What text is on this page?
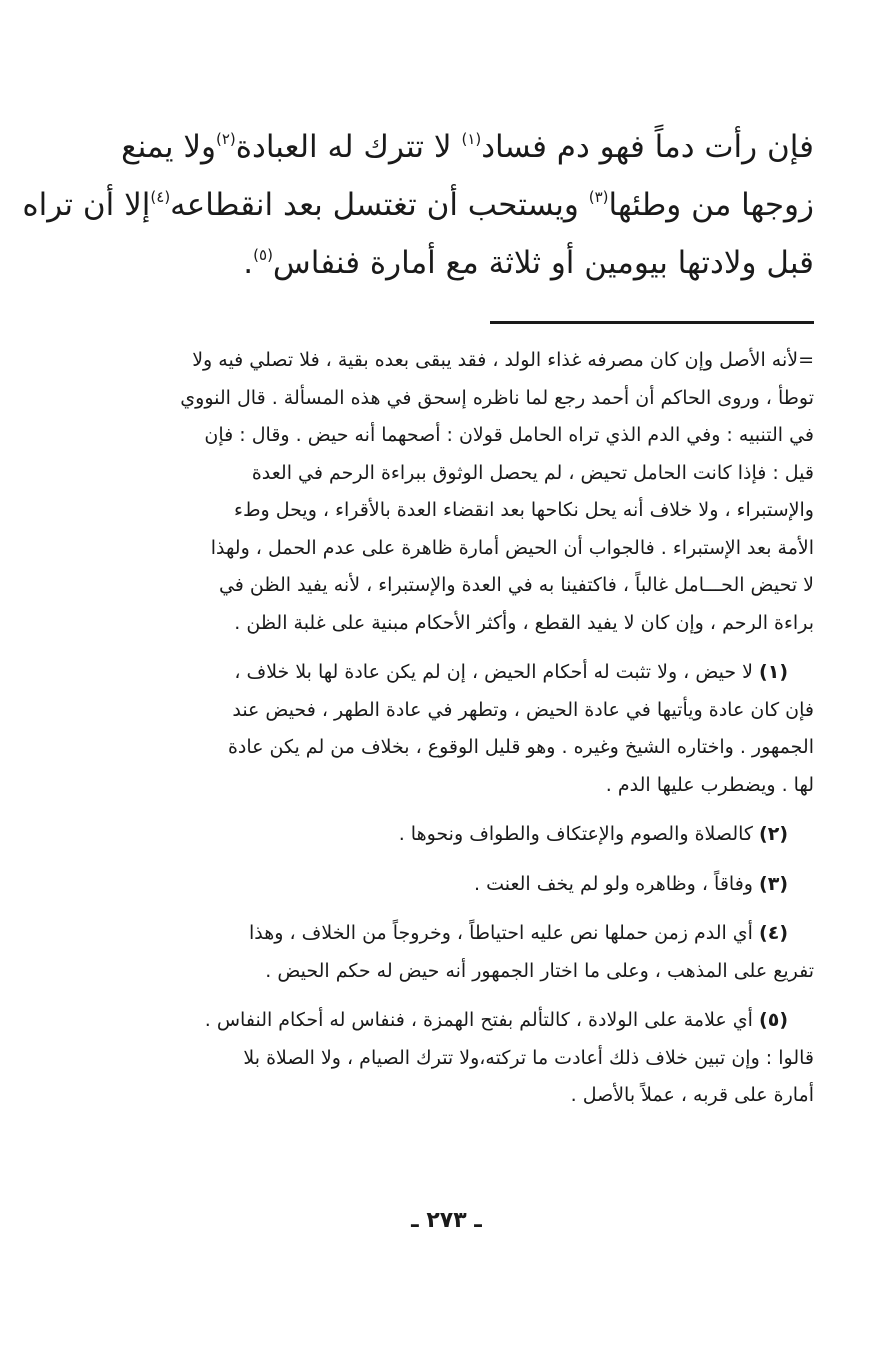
فإن رأت دماً فهو دم فساد$^{(١)}$ لا تترك له العبادة$^{(٢)}$ولا يمنع
زوجها من وطئها$^{(٣)}$ ويستحب أن تغتسل بعد انقطاعه$^{(٤)}$إلا أن تراه
قبل ولادتها بيومين أو ثلاثة مع أمارة فنفاس$^{(٥)}$.
=لأنه الأصل وإن كان مصرفه غذاء الولد ، فقد يبقى بعده بقية ، فلا تصلي فيه ولا
توطأ ، وروى الحاكم أن أحمد رجع لما ناظره إسحق في هذه المسألة . قال النووي
في التنبيه : وفي الدم الذي تراه الحامل قولان : أصحهما أنه حيض . وقال : فإن
قيل : فإذا كانت الحامل تحيض ، لم يحصل الوثوق ببراءة الرحم في العدة
والإستبراء ، ولا خلاف أنه يحل نكاحها بعد انقضاء العدة بالأقراء ، ويحل وطء
الأمة بعد الإستبراء . فالجواب أن الحيض أمارة ظاهرة على عدم الحمل ، ولهذا
لا تحيض الحـــامل غالباً ، فاكتفينا به في العدة والإستبراء ، لأنه يفيد الظن في
براءة الرحم ، وإن كان لا يفيد القطع ، وأكثر الأحكام مبنية على غلبة الظن .
(١) لا حيض ، ولا تثبت له أحكام الحيض ، إن لم يكن عادة لها بلا خلاف ،
فإن كان عادة ويأتيها في عادة الحيض ، وتطهر في عادة الطهر ، فحيض عند
الجمهور . واختاره الشيخ وغيره . وهو قليل الوقوع ، بخلاف من لم يكن عادة
لها . ويضطرب عليها الدم .
(٢) كالصلاة والصوم والإعتكاف والطواف ونحوها .
(٣) وفاقاً ، وظاهره ولو لم يخف العنت .
(٤) أي الدم زمن حملها نص عليه احتياطاً ، وخروجاً من الخلاف ، وهذا
تفريع على المذهب ، وعلى ما اختار الجمهور أنه حيض له حكم الحيض .
(٥) أي علامة على الولادة ، كالتألم بفتح الهمزة ، فنفاس له أحكام النفاس .
قالوا : وإن تبين خلاف ذلك أعادت ما تركته،ولا تترك الصيام ، ولا الصلاة بلا
أمارة على قربه ، عملاً بالأصل .
ـ ٢٧٣ ـ
